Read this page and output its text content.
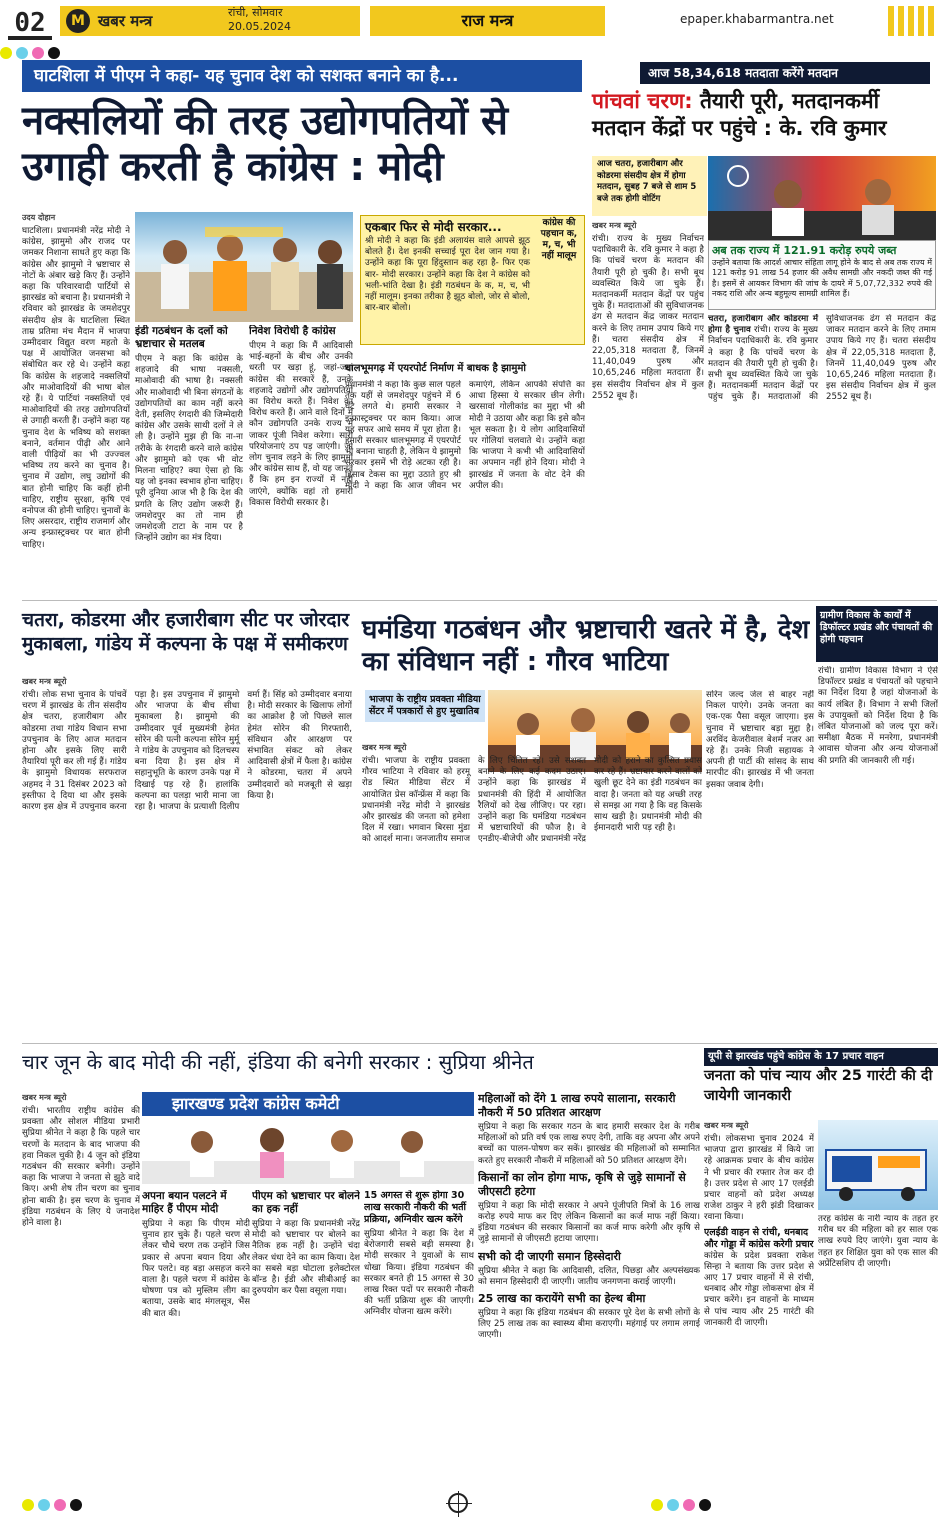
02	M खबर मन्त्र	रांची, सोमवार
20.05.2024	राज मन्त्र	epaper.khabarmantra.net
घाटशिला में पीएम ने कहा- यह चुनाव देश को सशक्त बनाने का है...
नक्सलियों की तरह उद्योगपतियों से उगाही करती है कांग्रेस : मोदी
उदय दोहान
घाटशिला। प्रधानमंत्री नरेंद्र मोदी ने कांग्रेस, झामुमो और राजद पर जमकर निशाना साधते हुए कहा कि कांग्रेस और झामुमो ने भ्रष्टाचार से नोटों के अंबार खड़े किए हैं। उन्होंने कहा कि परिवारवादी पार्टियों से झारखंड को बचाना है। प्रधानमंत्री ने रविवार को झारखंड के जमशेदपुर संसदीय क्षेत्र के घाटशिला स्थित ताम्र प्रतिमा मंच मैदान में भाजपा उम्मीदवार विद्युत वरण महतो के पक्ष में आयोजित जनसभा को संबोधित कर रहे थे। उन्होंने कहा कि कांग्रेस के शहजादे नक्सलियों और माओवादियों की भाषा बोल रहे हैं। ये पार्टियां नक्सलियों एवं माओवादियों की तरह उद्योगपतियों से उगाही करती हैं। उन्होंने कहा यह चुनाव देश के भविष्य को सशक्त बनाने, वर्तमान पीढ़ी और आने वाली पीढ़ियों का भी उज्ज्वल भविष्य तय करने का चुनाव है। चुनाव में उद्योग, लघु उद्योगों की बात होनी चाहिए कि कहीं होनी चाहिए, राष्ट्रीय सुरक्षा, कृषि एवं वनोपज की होनी चाहिए। चुनावों के लिए असरदार, राष्ट्रीय राजमार्ग और अन्य इन्फ्रास्ट्रक्चर पर बात होनी चाहिए।
इंडी गठबंधन के दलों को भ्रष्टाचार से मतलब
पीएम ने कहा कि कांग्रेस के शहजादे की भाषा नक्सली, माओवादी की भाषा है। नक्सली और माओवादी भी बिना संगठनों के उद्योगपतियों का काम नहीं करने देती, इसलिए रंगदारी की जिम्मेदारी कांग्रेस और उसके साथी दलों ने ले ली है। उन्होंने मुझ ही कि ना-ना तरीके के रंगदारी करने वाले कांग्रेस और झामुमो को एक भी वोट मिलना चाहिए? क्या ऐसा हो कि यह जो इनका स्वभाव होना चाहिए। पूरी दुनिया आज भी है कि देश की प्रगति के लिए उद्योग जरूरी हैं। जमशेदपुर का तो नाम ही जमशेदजी टाटा के नाम पर है जिन्होंने उद्योग का मंत्र दिया।
निवेश विरोधी है कांग्रेस
पीएम ने कहा कि मैं आदिवासी भाई-बहनों के बीच और उनकी धरती पर खड़ा हूं, जहां-जहां कांग्रेस की सरकारें हैं, उनके शहजादे उद्योगों और उद्योगपतियों का विरोध करते हैं। निवेश का विरोध करते हैं। आने वाले दिनों में कौन उद्योगपति उनके राज्य में जाकर पूंजी निवेश करेगा। सारी परियोजनाएं ठप पड़ जाएंगी। जो लोग चुनाव लड़ने के लिए झामुमो और कांग्रेस साथ हैं, वो यह जानते हैं कि हम इन राज्यों में नहीं जाएंगे, क्योंकि वहां तो हमारी विकास विरोधी सरकार है।
एकबार फिर से मोदी सरकार...
श्री मोदी ने कहा कि इंडी अलायंस वाले आपसे झूठ बोलते हैं। देश इनकी सच्चाई पूरा देश जान गया है। उन्होंने कहा कि पूरा हिंदुस्तान कह रहा है- फिर एक बार- मोदी सरकार। उन्होंने कहा कि देश ने कांग्रेस को भली-भांति देखा है। इंडी गठबंधन के क, म, च, भी नहीं मालूम। इनका तरीका है झूठ बोलो, जोर से बोलो, बार-बार बोलो।
कांग्रेस की पहचान क, म, च, भी नहीं मालूम
धालभूमगढ़ में एयरपोर्ट निर्माण में बाधक है झामुमो
प्रधानमंत्री ने कहा कि कुछ साल पहले तक यहीं से जमशेदपुर पहुंचने में 6 घंटे लगते थे। हमारी सरकार ने इन्फ्रास्ट्रक्चर पर काम किया। आज यह सफर आधे समय में पूरा होता है। हमारी सरकार धालभूमगढ़ में एयरपोर्ट भी बनाना चाहती है, लेकिन ये झामुमो सरकार इसमें भी रोड़े अटका रही है। हिंसाब टेकस का मुद्दा उठाते हुए श्री मोदी ने कहा कि आज जीवन भर कमाएंगे, लेकिन आपकी संपत्ति का आधा हिस्सा ये सरकार छीन लेगी। खरसावां गोलीकांड का मुद्दा भी श्री मोदी ने उठाया और कहा कि इसे कौन भूल सकता है। ये लोग आदिवासियों पर गोलियां चलवाते थे। उन्होंने कहा कि भाजपा ने कभी भी आदिवासियों का अपमान नहीं होने दिया। मोदी ने झारखंड में जनता के वोट देने की अपील की।
आज 58,34,618 मतदाता करेंगे मतदान
पांचवां चरण: तैयारी पूरी, मतदानकर्मी मतदान केंद्रों पर पहुंचे : के. रवि कुमार
आज चतरा, हजारीबाग और कोडरमा संसदीय क्षेत्र में होगा मतदान, सुबह 7 बजे से शाम 5 बजे तक होगी वोटिंग
अब तक राज्य में 121.91 करोड़ रुपये जब्त
उन्होंने बताया कि आदर्श आचार संहिता लागू होने के बाद से अब तक राज्य में 121 करोड़ 91 लाख 54 हजार की अवैध सामग्री और नकदी जब्त की गई है। इसमें से आयकर विभाग की जांच के दायरे में 5,07,72,332 रुपये की नकद राशि और अन्य बहुमूल्य सामग्री शामिल हैं।
खबर मन्त्र ब्यूरो
रांची। राज्य के मुख्य निर्वाचन पदाधिकारी के. रवि कुमार ने कहा है कि पांचवें चरण के मतदान की तैयारी पूरी हो चुकी है। सभी बूथ व्यवस्थित किये जा चुके हैं। मतदानकर्मी मतदान केंद्रों पर पहुंच चुके हैं। मतदाताओं की सुविधाजनक ढंग से मतदान केंद्र जाकर मतदान करने के लिए तमाम उपाय किये गए हैं। चतरा संसदीय क्षेत्र में 22,05,318 मतदाता हैं, जिनमें 11,40,049 पुरुष और 10,65,246 महिला मतदाता हैं। इस संसदीय निर्वाचन क्षेत्र में कुल 2552 बूथ हैं।
चतरा, हजारीबाग और कोडरमा में होगा है चुनाव रांची। राज्य के मुख्य निर्वाचन पदाधिकारी के. रवि कुमार ने कहा है कि पांचवें चरण के मतदान की तैयारी पूरी हो चुकी है। सभी बूथ व्यवस्थित किये जा चुके हैं। मतदानकर्मी मतदान केंद्रों पर पहुंच चुके हैं। मतदाताओं की सुविधाजनक ढंग से मतदान केंद्र जाकर मतदान करने के लिए तमाम उपाय किये गए हैं। चतरा संसदीय क्षेत्र में 22,05,318 मतदाता हैं, जिनमें 11,40,049 पुरुष और 10,65,246 महिला मतदाता हैं। इस संसदीय निर्वाचन क्षेत्र में कुल 2552 बूथ हैं।
चतरा, कोडरमा और हजारीबाग सीट पर जोरदार मुकाबला, गांडेय में कल्पना के पक्ष में समीकरण
खबर मन्त्र ब्यूरो
रांची। लोक सभा चुनाव के पांचवें चरण में झारखंड के तीन संसदीय क्षेत्र चतरा, हजारीबाग और कोडरमा तथा गांडेय विधान सभा उपचुनाव के लिए आज मतदान होना और इसके लिए सारी तैयारियां पूरी कर ली गई हैं। गांडेय के झामुमो विधायक सरफराज अहमद ने 31 दिसंबर 2023 को इस्तीफा दे दिया था और इसके कारण इस क्षेत्र में उपचुनाव करना पड़ा है। इस उपचुनाव में झामुमो और भाजपा के बीच सीधा मुकाबला है। झामुमो की उम्मीदवार पूर्व मुख्यमंत्री हेमंत सोरेन की पत्नी कल्पना सोरेन मुर्मू ने गांडेय के उपचुनाव को दिलचस्प बना दिया है। इस क्षेत्र में सहानुभूति के कारण उनके पक्ष में दिखाई पड़ रहे हैं। हालांकि कल्पना का पलड़ा भारी माना जा रहा है। भाजपा के प्रत्याशी दिलीप वर्मा हैं। सिंह को उम्मीदवार बनाया है। मोदी सरकार के खिलाफ लोगों का आक्रोश है जो पिछले साल हेमंत सोरेन की गिरफ्तारी, संविधान और आरक्षण पर संभावित संकट को लेकर आदिवासी क्षेत्रों में फैला है। कांग्रेस ने कोडरमा, चतरा में अपने उम्मीदवारों को मजबूती से खड़ा किया है।
घमंडिया गठबंधन और भ्रष्टाचारी खतरे में है, देश का संविधान नहीं : गौरव भाटिया
भाजपा के राष्ट्रीय प्रवक्ता मीडिया सेंटर में पत्रकारों से हुए मुखातिब
खबर मन्त्र ब्यूरो
रांची। भाजपा के राष्ट्रीय प्रवक्ता गौरव भाटिया ने रविवार को हरमू रोड स्थित मीडिया सेंटर में आयोजित प्रेस कॉन्फ्रेंस में कहा कि प्रधानमंत्री नरेंद्र मोदी ने झारखंड और झारखंड की जनता को हमेशा दिल में रखा। भगवान बिरसा मुंडा को आदर्श माना। जनजातीय समाज के लिए चिंतित रहे। उसे सशक्त बनाने के लिए कई कदम उठाए। उन्होंने कहा कि झारखंड में प्रधानमंत्री की हिंदी में आयोजित रैलियों को देख लीजिए। पर रहा। उन्होंने कहा कि घमंडिया गठबंधन में भ्रष्टाचारियों की फौज है। वे एनडीए-बीजेपी और प्रधानमंत्री नरेंद्र मोदी को हराने का कुत्सित प्रयास कर रहे हैं। भ्रष्टाचार करने वालों को खुली छूट देने का इंडी गठबंधन का वादा है। जनता को यह अच्छी तरह से समझ आ गया है कि वह किसके साथ खड़ी है। प्रधानमंत्री मोदी की ईमानदारी भारी पड़ रही है।
सोरेन जल्द जेल से बाहर नहीं निकल पाएंगे। उनके जनता का एक-एक पैसा वसूल जाएगा। इस चुनाव में भ्रष्टाचार बड़ा मुद्दा है। अरविंद केजरीवाल बेशर्म नजर आ रहे हैं। उनके निजी सहायक ने अपनी ही पार्टी की सांसद के साथ मारपीट की। झारखंड में भी जनता इसका जवाब देगी।
ग्रामीण विकास के कार्यों में डिफॉल्टर प्रखंड और पंचायतों की होगी पहचान
रांची। ग्रामीण विकास विभाग ने ऐसे डिफॉल्टर प्रखंड व पंचायतों को पहचाने का निर्देश दिया है जहां योजनाओं के कार्य लंबित हैं। विभाग ने सभी जिलों के उपायुक्तों को निर्देश दिया है कि लंबित योजनाओं को जल्द पूरा करें। समीक्षा बैठक में मनरेगा, प्रधानमंत्री आवास योजना और अन्य योजनाओं की प्रगति की जानकारी ली गई।
चार जून के बाद मोदी की नहीं, इंडिया की बनेगी सरकार : सुप्रिया श्रीनेत
खबर मन्त्र ब्यूरो
रांची। भारतीय राष्ट्रीय कांग्रेस की प्रवक्ता और सोशल मीडिया प्रभारी सुप्रिया श्रीनेत ने कहा है कि पहले चार चरणों के मतदान के बाद भाजपा की हवा निकल चुकी है। 4 जून को इंडिया गठबंधन की सरकार बनेगी। उन्होंने कहा कि भाजपा ने जनता से झूठे वादे किए। अभी शेष तीन चरण का चुनाव होना बाकी है। इस चरण के चुनाव में इंडिया गठबंधन के लिए ये जनादेश होने वाला है।
झारखण्ड प्रदेश कांग्रेस कमेटी
अपना बयान पलटने में माहिर हैं पीएम मोदी
सुप्रिया ने कहा कि पीएम मोदी चुनाव हार चुके हैं। पहले चरण से लेकर चौथे चरण तक उन्होंने जिस प्रकार से अपना बयान दिया और फिर पलटे। वह बड़ा असहज करने वाला है। पहले चरण में कांग्रेस के घोषणा पत्र को मुस्लिम लीग का बताया, उसके बाद मंगलसूत्र, भैंस की बात की।
पीएम को भ्रष्टाचार पर बोलने का हक नहीं
सुप्रिया ने कहा कि प्रधानमंत्री नरेंद्र मोदी को भ्रष्टाचार पर बोलने का नैतिक हक नहीं है। उन्होंने चंदा लेकर धंधा देने का काम किया। देश का सबसे बड़ा घोटाला इलेक्टोरल बॉन्ड है। ईडी और सीबीआई का दुरुपयोग कर पैसा वसूला गया।
15 अगस्त से शुरू होगा 30 लाख सरकारी नौकरी की भर्ती प्रक्रिया, अग्निवीर खत्म करेंगे
सुप्रिया श्रीनेत ने कहा कि देश में बेरोजगारी सबसे बड़ी समस्या है। मोदी सरकार ने युवाओं के साथ धोखा किया। इंडिया गठबंधन की सरकार बनते ही 15 अगस्त से 30 लाख रिक्त पदों पर सरकारी नौकरी की भर्ती प्रक्रिया शुरू की जाएगी। अग्निवीर योजना खत्म करेंगे।
महिलाओं को देंगे 1 लाख रुपये सालाना, सरकारी नौकरी में 50 प्रतिशत आरक्षण
सुप्रिया ने कहा कि सरकार गठन के बाद हमारी सरकार देश के गरीब महिलाओं को प्रति वर्ष एक लाख रुपए देगी, ताकि वह अपना और अपने बच्चों का पालन-पोषण कर सकें। झारखंड की महिलाओं को सम्मानित करते हुए सरकारी नौकरी में महिलाओं को 50 प्रतिशत आरक्षण देंगे।
किसानों का लोन होगा माफ, कृषि से जुड़े सामानों से जीएसटी हटेगा
सुप्रिया ने कहा कि मोदी सरकार ने अपने पूंजीपति मित्रों के 16 लाख करोड़ रुपये माफ कर दिए लेकिन किसानों का कर्ज माफ नहीं किया। इंडिया गठबंधन की सरकार किसानों का कर्ज माफ करेगी और कृषि से जुड़े सामानों से जीएसटी हटाया जाएगा।
सभी को दी जाएगी समान हिस्सेदारी
सुप्रिया श्रीनेत ने कहा कि आदिवासी, दलित, पिछड़ा और अल्पसंख्यक को समान हिस्सेदारी दी जाएगी। जातीय जनगणना कराई जाएगी।
25 लाख का करायेंगे सभी का हेल्थ बीमा
सुप्रिया ने कहा कि इंडिया गठबंधन की सरकार पूरे देश के सभी लोगों के लिए 25 लाख तक का स्वास्थ्य बीमा कराएगी। महंगाई पर लगाम लगाई जाएगी।
यूपी से झारखंड पहुंचे कांग्रेस के 17 प्रचार वाहन
जनता को पांच न्याय और 25 गारंटी की दी जायेगी जानकारी
खबर मन्त्र ब्यूरो
रांची। लोकसभा चुनाव 2024 में भाजपा द्वारा झारखंड में किये जा रहे आक्रमक प्रचार के बीच कांग्रेस ने भी प्रचार की रफ्तार तेज कर दी है। उत्तर प्रदेश से आए 17 एलईडी प्रचार वाहनों को प्रदेश अध्यक्ष राजेश ठाकुर ने हरी झंडी दिखाकर रवाना किया।
एलईडी वाहन से रांची, धनबाद और गोड्डा में कांग्रेस करेगी प्रचार
कांग्रेस के प्रदेश प्रवक्ता राकेश सिन्हा ने बताया कि उत्तर प्रदेश से आए 17 प्रचार वाहनों में से रांची, धनबाद और गोड्डा लोकसभा क्षेत्र में प्रचार करेंगे। इन वाहनों के माध्यम से पांच न्याय और 25 गारंटी की जानकारी दी जाएगी।
तरह कांग्रेस के नारी न्याय के तहत हर गरीब घर की महिला को हर साल एक लाख रुपये दिए जाएंगे। युवा न्याय के तहत हर शिक्षित युवा को एक साल की अप्रेंटिसशिप दी जाएगी।
